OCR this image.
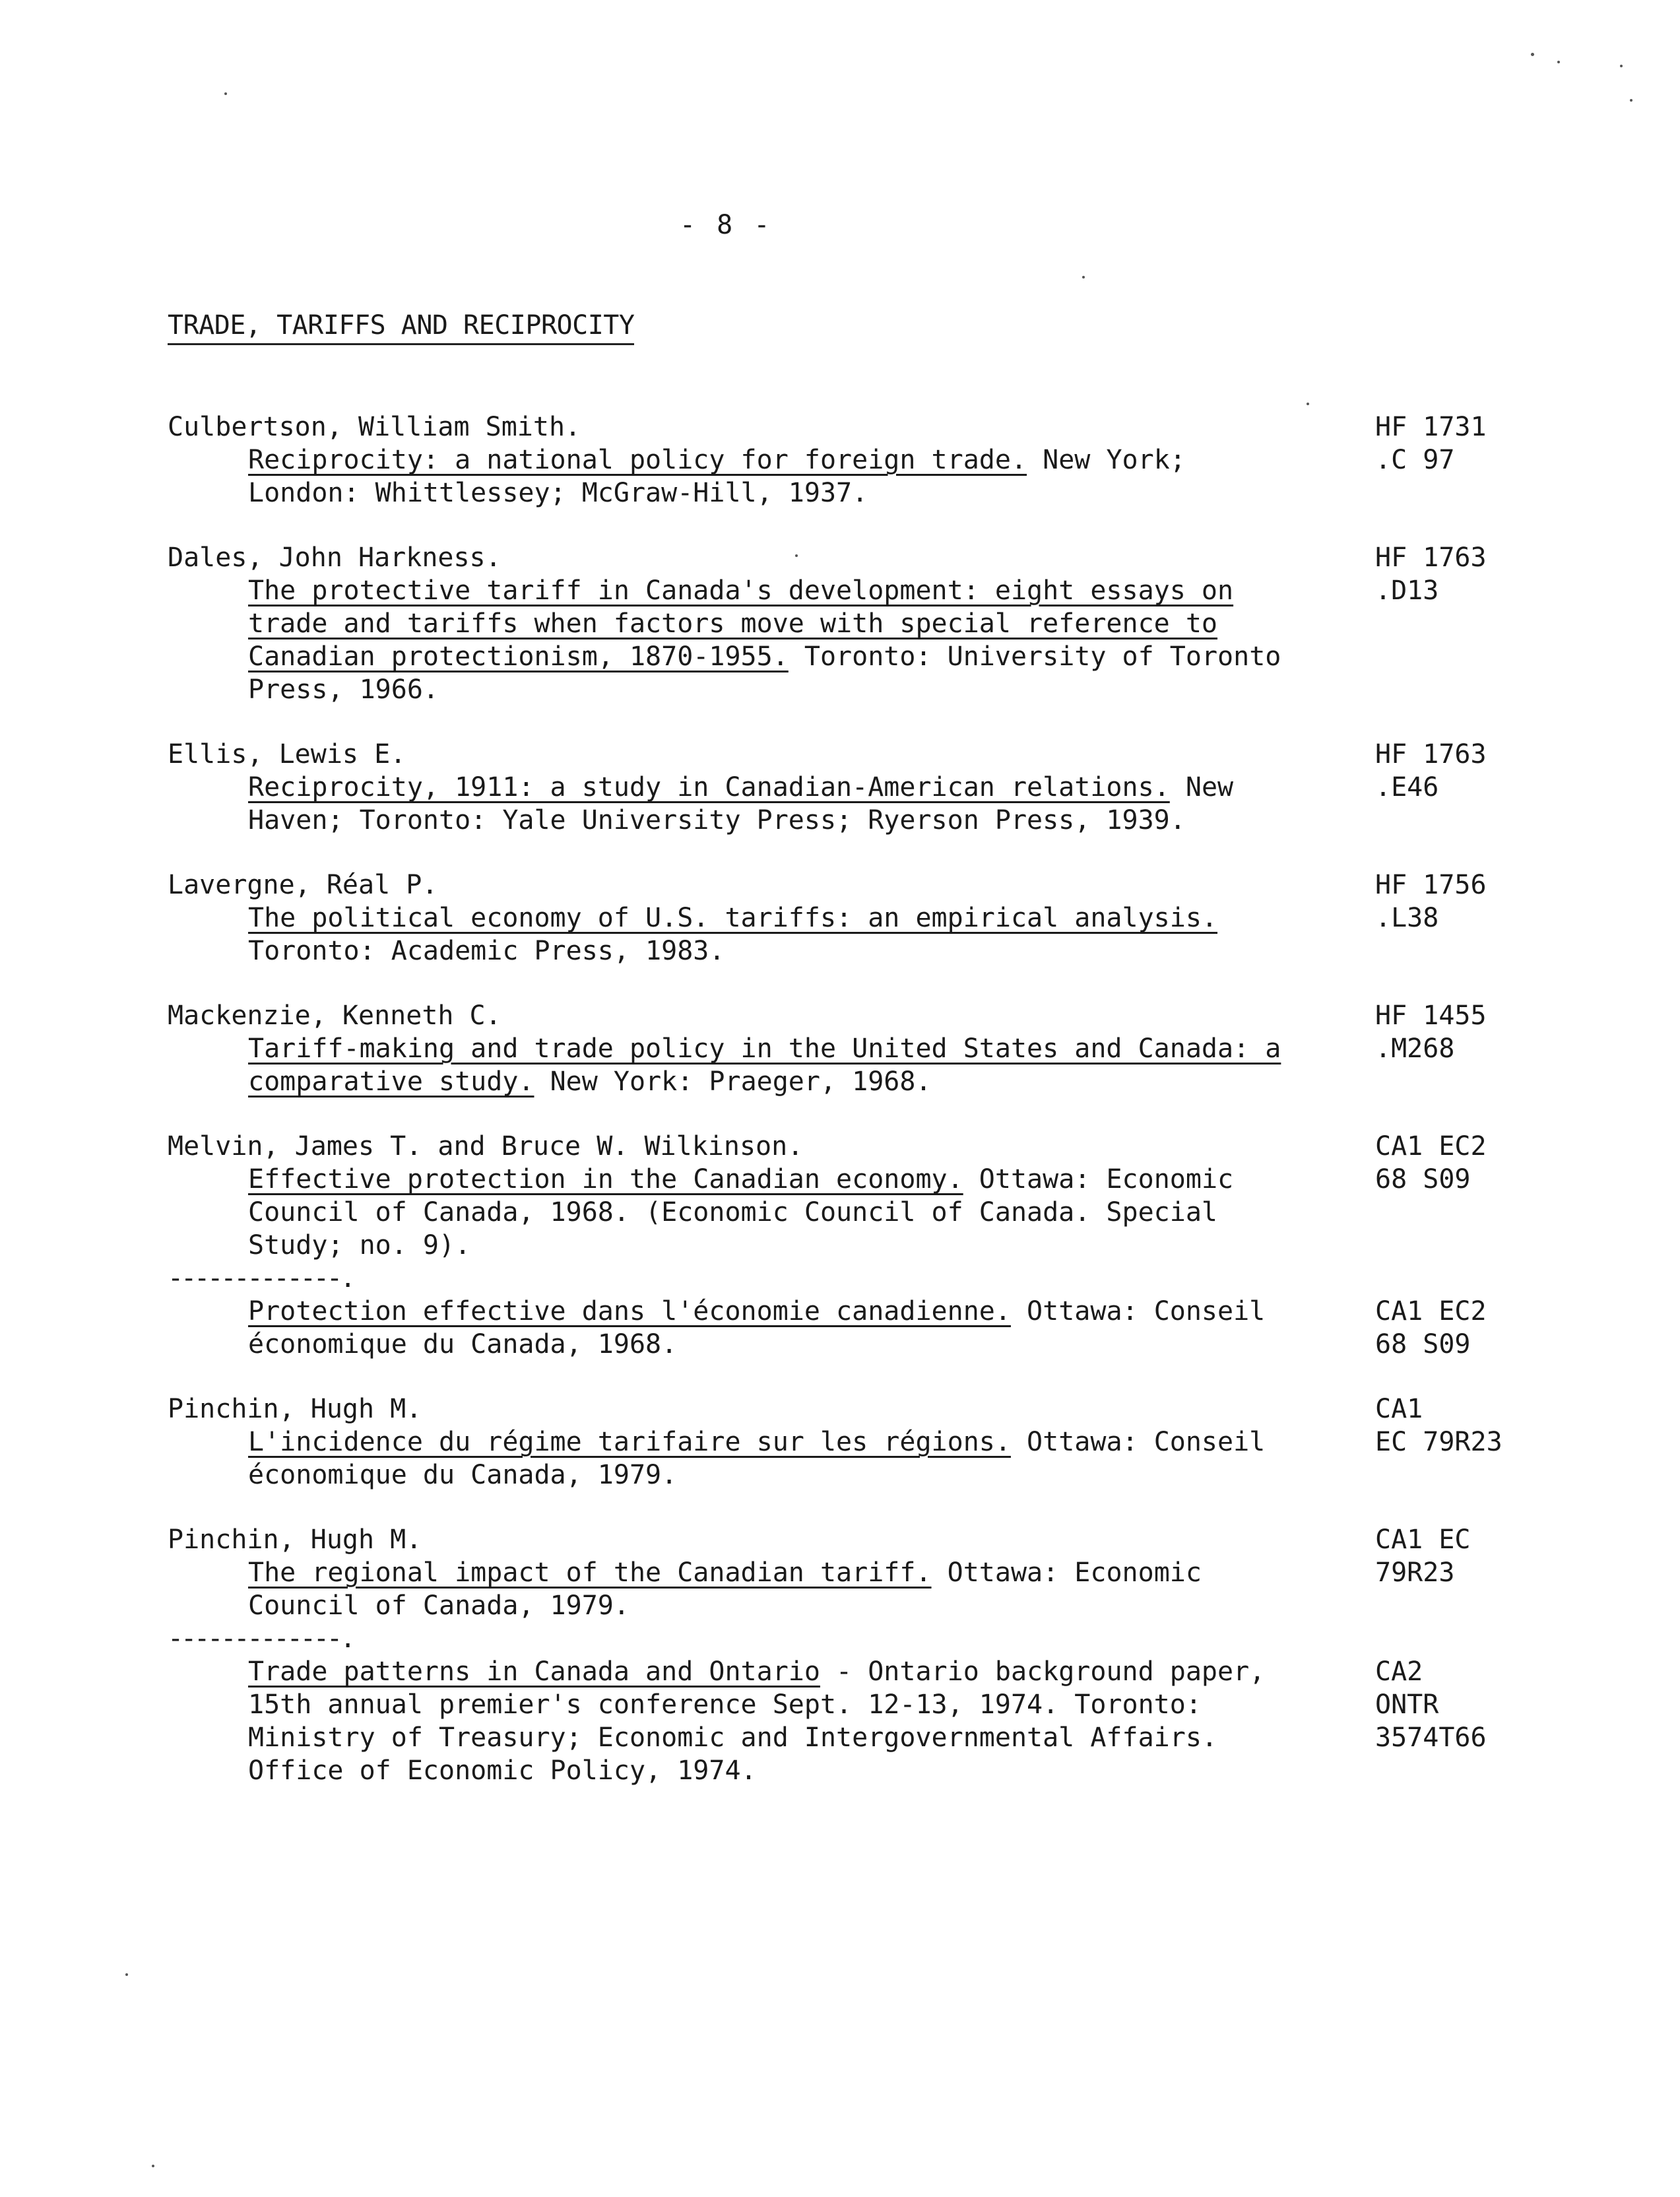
- 8 -
TRADE, TARIFFS AND RECIPROCITY
Culbertson, William Smith.
Reciprocity: a national policy for foreign trade. New York; London: Whittlessey; McGraw-Hill, 1937.
HF 1731
.C 97
Dales, John Harkness.
The protective tariff in Canada's development: eight essays on trade and tariffs when factors move with special reference to Canadian protectionism, 1870-1955. Toronto: University of Toronto Press, 1966.
HF 1763
.D13
Ellis, Lewis E.
Reciprocity, 1911: a study in Canadian-American relations. New Haven; Toronto: Yale University Press; Ryerson Press, 1939.
HF 1763
.E46
Lavergne, Réal P.
The political economy of U.S. tariffs: an empirical analysis. Toronto: Academic Press, 1983.
HF 1756
.L38
Mackenzie, Kenneth C.
Tariff-making and trade policy in the United States and Canada: a comparative study. New York: Praeger, 1968.
HF 1455
.M268
Melvin, James T. and Bruce W. Wilkinson.
Effective protection in the Canadian economy. Ottawa: Economic Council of Canada, 1968. (Economic Council of Canada. Special Study; no. 9).
CA1 EC2
68 S09
-------------.
Protection effective dans l'économie canadienne. Ottawa: Conseil économique du Canada, 1968.
CA1 EC2
68 S09
Pinchin, Hugh M.
L'incidence du régime tarifaire sur les régions. Ottawa: Conseil économique du Canada, 1979.
CA1
EC 79R23
Pinchin, Hugh M.
The regional impact of the Canadian tariff. Ottawa: Economic Council of Canada, 1979.
CA1 EC
79R23
-------------.
Trade patterns in Canada and Ontario - Ontario background paper, 15th annual premier's conference Sept. 12-13, 1974. Toronto: Ministry of Treasury; Economic and Intergovernmental Affairs. Office of Economic Policy, 1974.
CA2
ONTR
3574T66
